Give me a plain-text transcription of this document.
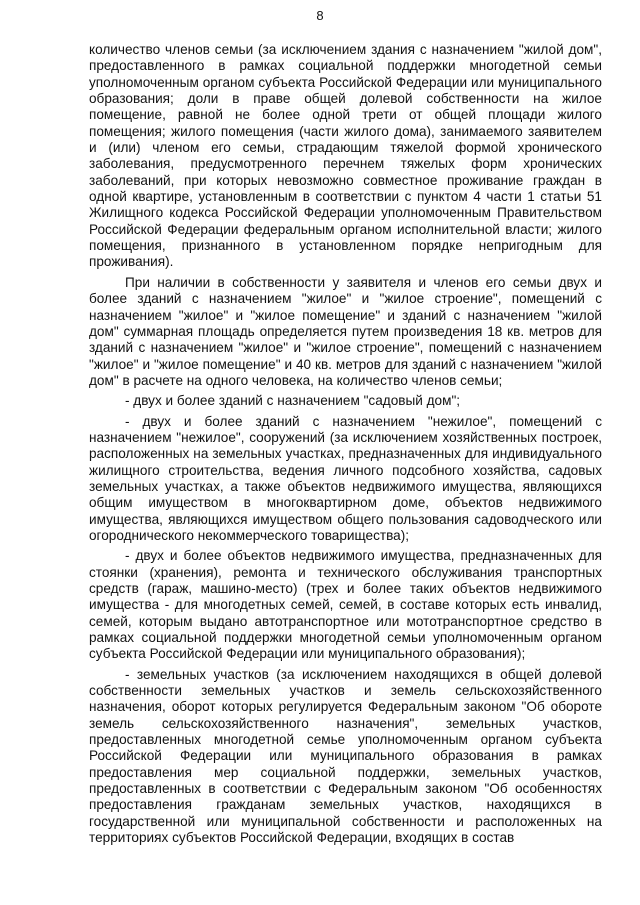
8

количество членов семьи (за исключением здания с назначением "жилой дом", предоставленного в рамках социальной поддержки многодетной семьи уполномоченным органом субъекта Российской Федерации или муниципального образования; доли в праве общей долевой собственности на жилое помещение, равной не более одной трети от общей площади жилого помещения; жилого помещения (части жилого дома), занимаемого заявителем и (или) членом его семьи, страдающим тяжелой формой хронического заболевания, предусмотренного перечнем тяжелых форм хронических заболеваний, при которых невозможно совместное проживание граждан в одной квартире, установленным в соответствии с пунктом 4 части 1 статьи 51 Жилищного кодекса Российской Федерации уполномоченным Правительством Российской Федерации федеральным органом исполнительной власти; жилого помещения, признанного в установленном порядке непригодным для проживания).

При наличии в собственности у заявителя и членов его семьи двух и более зданий с назначением "жилое" и "жилое строение", помещений с назначением "жилое" и "жилое помещение" и зданий с назначением "жилой дом" суммарная площадь определяется путем произведения 18 кв. метров для зданий с назначением "жилое" и "жилое строение", помещений с назначением "жилое" и "жилое помещение" и 40 кв. метров для зданий с назначением "жилой дом" в расчете на одного человека, на количество членов семьи;

- двух и более зданий с назначением "садовый дом";

- двух и более зданий с назначением "нежилое", помещений с назначением "нежилое", сооружений (за исключением хозяйственных построек, расположенных на земельных участках, предназначенных для индивидуального жилищного строительства, ведения личного подсобного хозяйства, садовых земельных участках, а также объектов недвижимого имущества, являющихся общим имуществом в многоквартирном доме, объектов недвижимого имущества, являющихся имуществом общего пользования садоводческого или огороднического некоммерческого товарищества);

- двух и более объектов недвижимого имущества, предназначенных для стоянки (хранения), ремонта и технического обслуживания транспортных средств (гараж, машино-место) (трех и более таких объектов недвижимого имущества - для многодетных семей, семей, в составе которых есть инвалид, семей, которым выдано автотранспортное или мототранспортное средство в рамках социальной поддержки многодетной семьи уполномоченным органом субъекта Российской Федерации или муниципального образования);

- земельных участков (за исключением находящихся в общей долевой собственности земельных участков и земель сельскохозяйственного назначения, оборот которых регулируется Федеральным законом "Об обороте земель сельскохозяйственного назначения", земельных участков, предоставленных многодетной семье уполномоченным органом субъекта Российской Федерации или муниципального образования в рамках предоставления мер социальной поддержки, земельных участков, предоставленных в соответствии с Федеральным законом "Об особенностях предоставления гражданам земельных участков, находящихся в государственной или муниципальной собственности и расположенных на территориях субъектов Российской Федерации, входящих в состав
